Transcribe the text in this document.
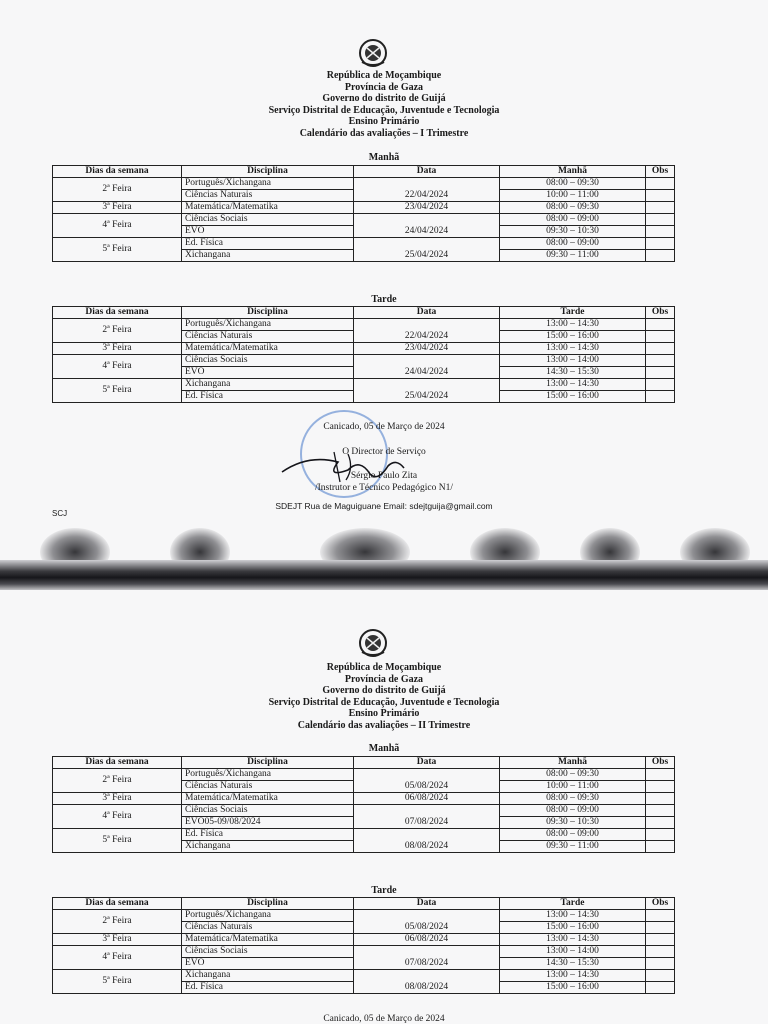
República de Moçambique
Província de Gaza
Governo do distrito de Guijá
Serviço Distrital de Educação, Juventude e Tecnologia
Ensino Primário
Calendário das avaliações – I Trimestre
Manhã
Dias da semana	Disciplina	Data	Manhã	Obs
2ª Feira	Português/Xichangana	22/04/2024	08:00 – 09:30	
	Ciências Naturais		10:00 – 11:00	
3ª Feira	Matemática/Matematika	23/04/2024	08:00 – 09:30	
4ª Feira	Ciências Sociais	24/04/2024	08:00 – 09:00	
	EVO		09:30 – 10:30	
5ª Feira	Ed. Física	25/04/2024	08:00 – 09:00	
	Xichangana		09:30 – 11:00	
Tarde
Dias da semana	Disciplina	Data	Tarde	Obs
2ª Feira	Português/Xichangana	22/04/2024	13:00 – 14:30	
	Ciências Naturais		15:00 – 16:00	
3ª Feira	Matemática/Matematika	23/04/2024	13:00 – 14:30	
4ª Feira	Ciências Sociais	24/04/2024	13:00 – 14:00	
	EVO		14:30 – 15:30	
5ª Feira	Xichangana	25/04/2024	13:00 – 14:30	
	Ed. Física		15:00 – 16:00	
Canicado, 05 de Março de 2024
O Director de Serviço
Sérgio Paulo Zita
/Instrutor e Técnico Pedagógico N1/
SDEJT Rua de Maguiguane Email: sdejtguija@gmail.com
SCJ
República de Moçambique
Província de Gaza
Governo do distrito de Guijá
Serviço Distrital de Educação, Juventude e Tecnologia
Ensino Primário
Calendário das avaliações – II Trimestre
Manhã
Dias da semana	Disciplina	Data	Manhã	Obs
2ª Feira	Português/Xichangana	05/08/2024	08:00 – 09:30	
	Ciências Naturais		10:00 – 11:00	
3ª Feira	Matemática/Matematika	06/08/2024	08:00 – 09:30	
4ª Feira	Ciências Sociais	07/08/2024	08:00 – 09:00	
	EVO05-09/08/2024		09:30 – 10:30	
5ª Feira	Ed. Física	08/08/2024	08:00 – 09:00	
	Xichangana		09:30 – 11:00	
Tarde
Dias da semana	Disciplina	Data	Tarde	Obs
2ª Feira	Português/Xichangana	05/08/2024	13:00 – 14:30	
	Ciências Naturais		15:00 – 16:00	
3ª Feira	Matemática/Matematika	06/08/2024	13:00 – 14:30	
4ª Feira	Ciências Sociais	07/08/2024	13:00 – 14:00	
	EVO		14:30 – 15:30	
5ª Feira	Xichangana	08/08/2024	13:00 – 14:30	
	Ed. Física		15:00 – 16:00	
Canicado, 05 de Março de 2024
